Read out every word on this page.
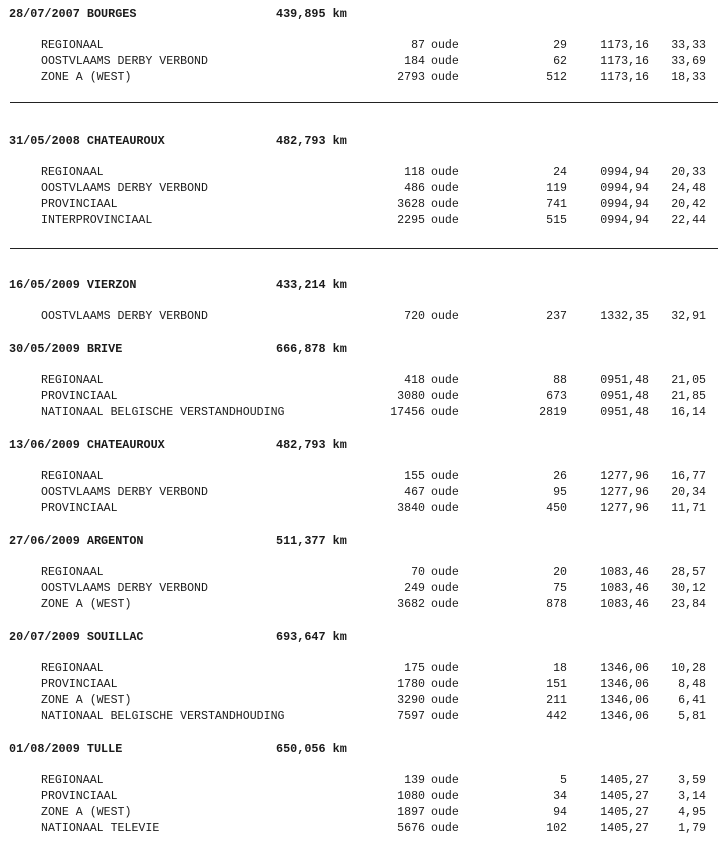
28/07/2007 BOURGES	439,895 km
REGIONAAL	87 oude	29	1173,16 33,33
OOSTVLAAMS DERBY VERBOND	184 oude	62	1173,16 33,69
ZONE A (WEST)	2793 oude	512	1173,16 18,33
31/05/2008 CHATEAUROUX	482,793 km
REGIONAAL	118 oude	24	0994,94 20,33
OOSTVLAAMS DERBY VERBOND	486 oude	119	0994,94 24,48
PROVINCIAAL	3628 oude	741	0994,94 20,42
INTERPROVINCIAAL	2295 oude	515	0994,94 22,44
16/05/2009 VIERZON	433,214 km
OOSTVLAAMS DERBY VERBOND	720 oude	237	1332,35 32,91
30/05/2009 BRIVE	666,878 km
REGIONAAL	418 oude	88	0951,48 21,05
PROVINCIAAL	3080 oude	673	0951,48 21,85
NATIONAAL BELGISCHE VERSTANDHOUDING	17456 oude	2819	0951,48 16,14
13/06/2009 CHATEAUROUX	482,793 km
REGIONAAL	155 oude	26	1277,96 16,77
OOSTVLAAMS DERBY VERBOND	467 oude	95	1277,96 20,34
PROVINCIAAL	3840 oude	450	1277,96 11,71
27/06/2009 ARGENTON	511,377 km
REGIONAAL	70 oude	20	1083,46 28,57
OOSTVLAAMS DERBY VERBOND	249 oude	75	1083,46 30,12
ZONE A (WEST)	3682 oude	878	1083,46 23,84
20/07/2009 SOUILLAC	693,647 km
REGIONAAL	175 oude	18	1346,06 10,28
PROVINCIAAL	1780 oude	151	1346,06	8,48
ZONE A (WEST)	3290 oude	211	1346,06	6,41
NATIONAAL BELGISCHE VERSTANDHOUDING	7597 oude	442	1346,06	5,81
01/08/2009 TULLE	650,056 km
REGIONAAL	139 oude	5	1405,27	3,59
PROVINCIAAL	1080 oude	34	1405,27	3,14
ZONE A (WEST)	1897 oude	94	1405,27	4,95
NATIONAAL TELEVIE	5676 oude	102	1405,27	1,79
